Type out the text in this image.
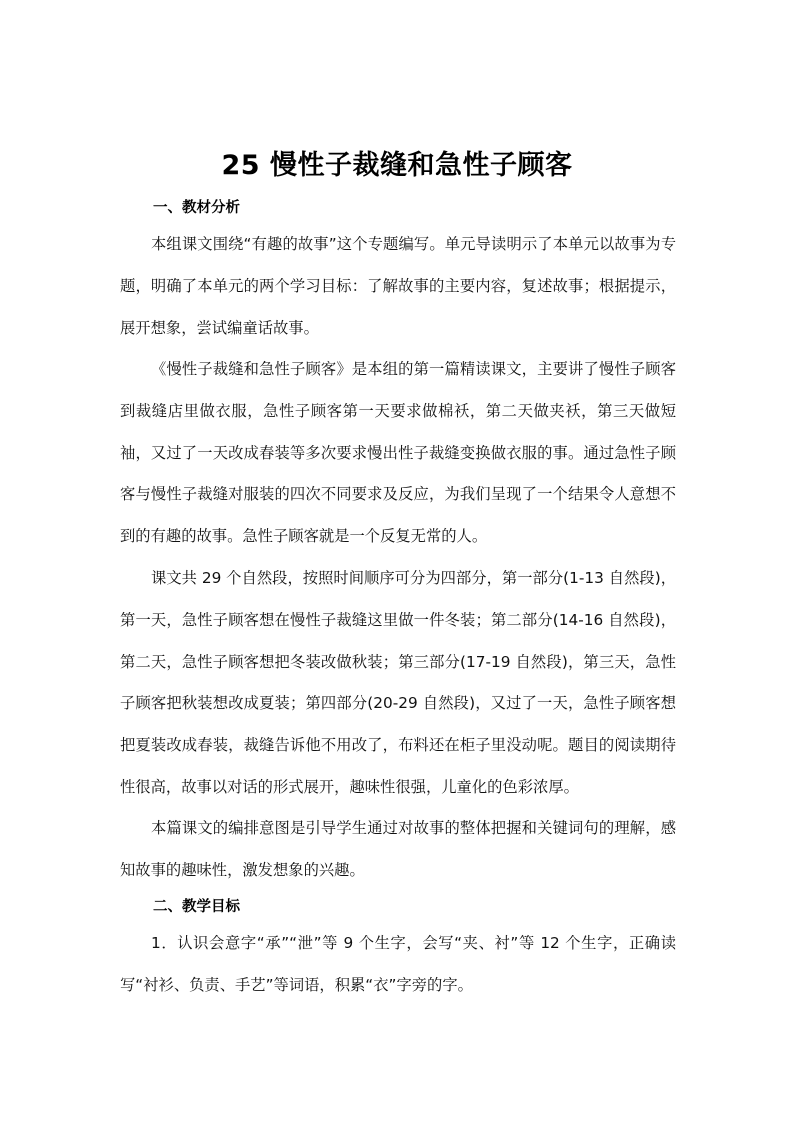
25 慢性子裁缝和急性子顾客
一、教材分析
本组课文围绕“有趣的故事”这个专题编写。单元导读明示了本单元以故事为专题，明确了本单元的两个学习目标：了解故事的主要内容，复述故事；根据提示，展开想象，尝试编童话故事。
《慢性子裁缝和急性子顾客》是本组的第一篇精读课文，主要讲了慢性子顾客到裁缝店里做衣服，急性子顾客第一天要求做棉袄，第二天做夹袄，第三天做短袖，又过了一天改成春装等多次要求慢出性子裁缝变换做衣服的事。通过急性子顾客与慢性子裁缝对服装的四次不同要求及反应，为我们呈现了一个结果令人意想不到的有趣的故事。急性子顾客就是一个反复无常的人。
课文共 29 个自然段，按照时间顺序可分为四部分，第一部分(1-13 自然段)，第一天，急性子顾客想在慢性子裁缝这里做一件冬装；第二部分(14-16 自然段)，第二天，急性子顾客想把冬装改做秋装；第三部分(17-19 自然段)，第三天，急性子顾客把秋装想改成夏装；第四部分(20-29 自然段)，又过了一天，急性子顾客想把夏装改成春装，裁缝告诉他不用改了，布料还在柜子里没动呢。题目的阅读期待性很高，故事以对话的形式展开，趣味性很强，儿童化的色彩浓厚。
本篇课文的编排意图是引导学生通过对故事的整体把握和关键词句的理解，感知故事的趣味性，激发想象的兴趣。
二、教学目标
1．认识会意字“承”“泄”等 9 个生字，会写“夹、衬”等 12 个生字，正确读写“衬衫、负责、手艺”等词语，积累“衣”字旁的字。
